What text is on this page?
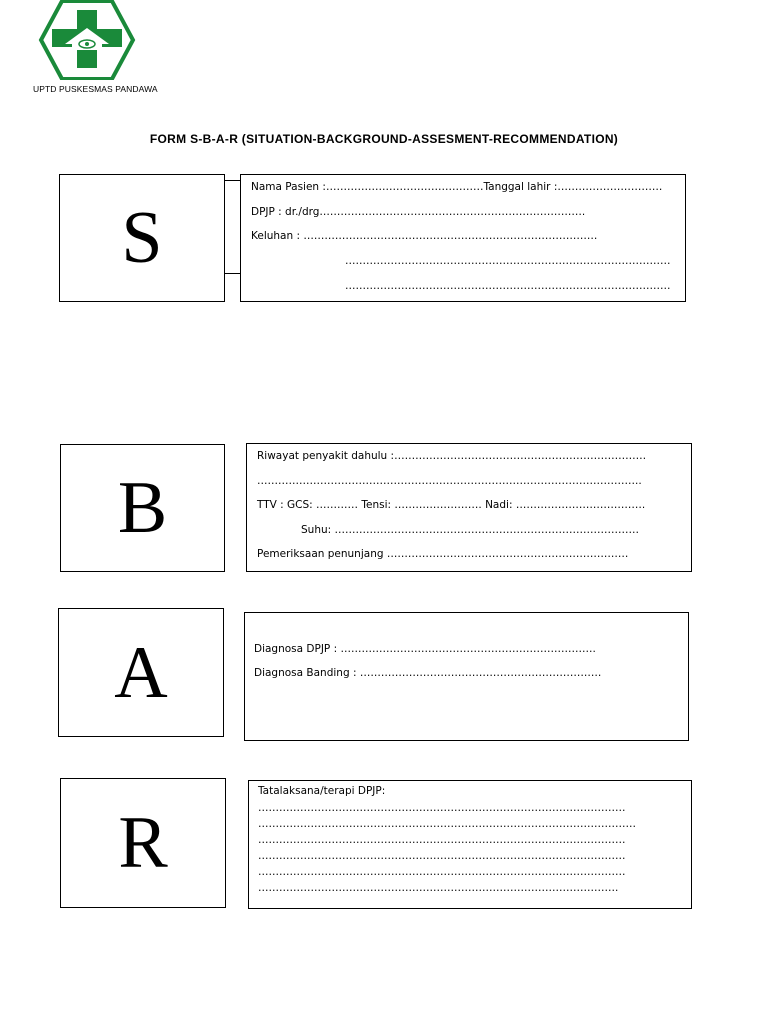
UPTD PUSKESMAS PANDAWA
FORM S-B-A-R (SITUATION-BACKGROUND-ASSESMENT-RECOMMENDATION)
S
Nama Pasien :………………………………………Tanggal lahir :…………………………
DPJP : dr./drg………………………………………………………………….
Keluhan : …………………………………………………………………………
…………………………………………………………………………………
…………………………………………………………………………………
B
Riwayat penyakit dahulu :………………………………………………………………
………………………………………………………………………………………………..
TTV : GCS: ………… Tensi: ……………………. Nadi: ……………………………….
Suhu: ……………………………………………………………………………
Pemeriksaan penunjang ……………………………………………………………
A	Diagnosa DPJP : ……………………………………………………………….
Diagnosa Banding : ……………………………………………………………
R
Tatalaksana/terapi DPJP:
……………………………………………………………………………………………
………………………………………………………………………………………………
……………………………………………………………………………………………
……………………………………………………………………………………………
……………………………………………………………………………………………
………………………………………………………………………………………….
